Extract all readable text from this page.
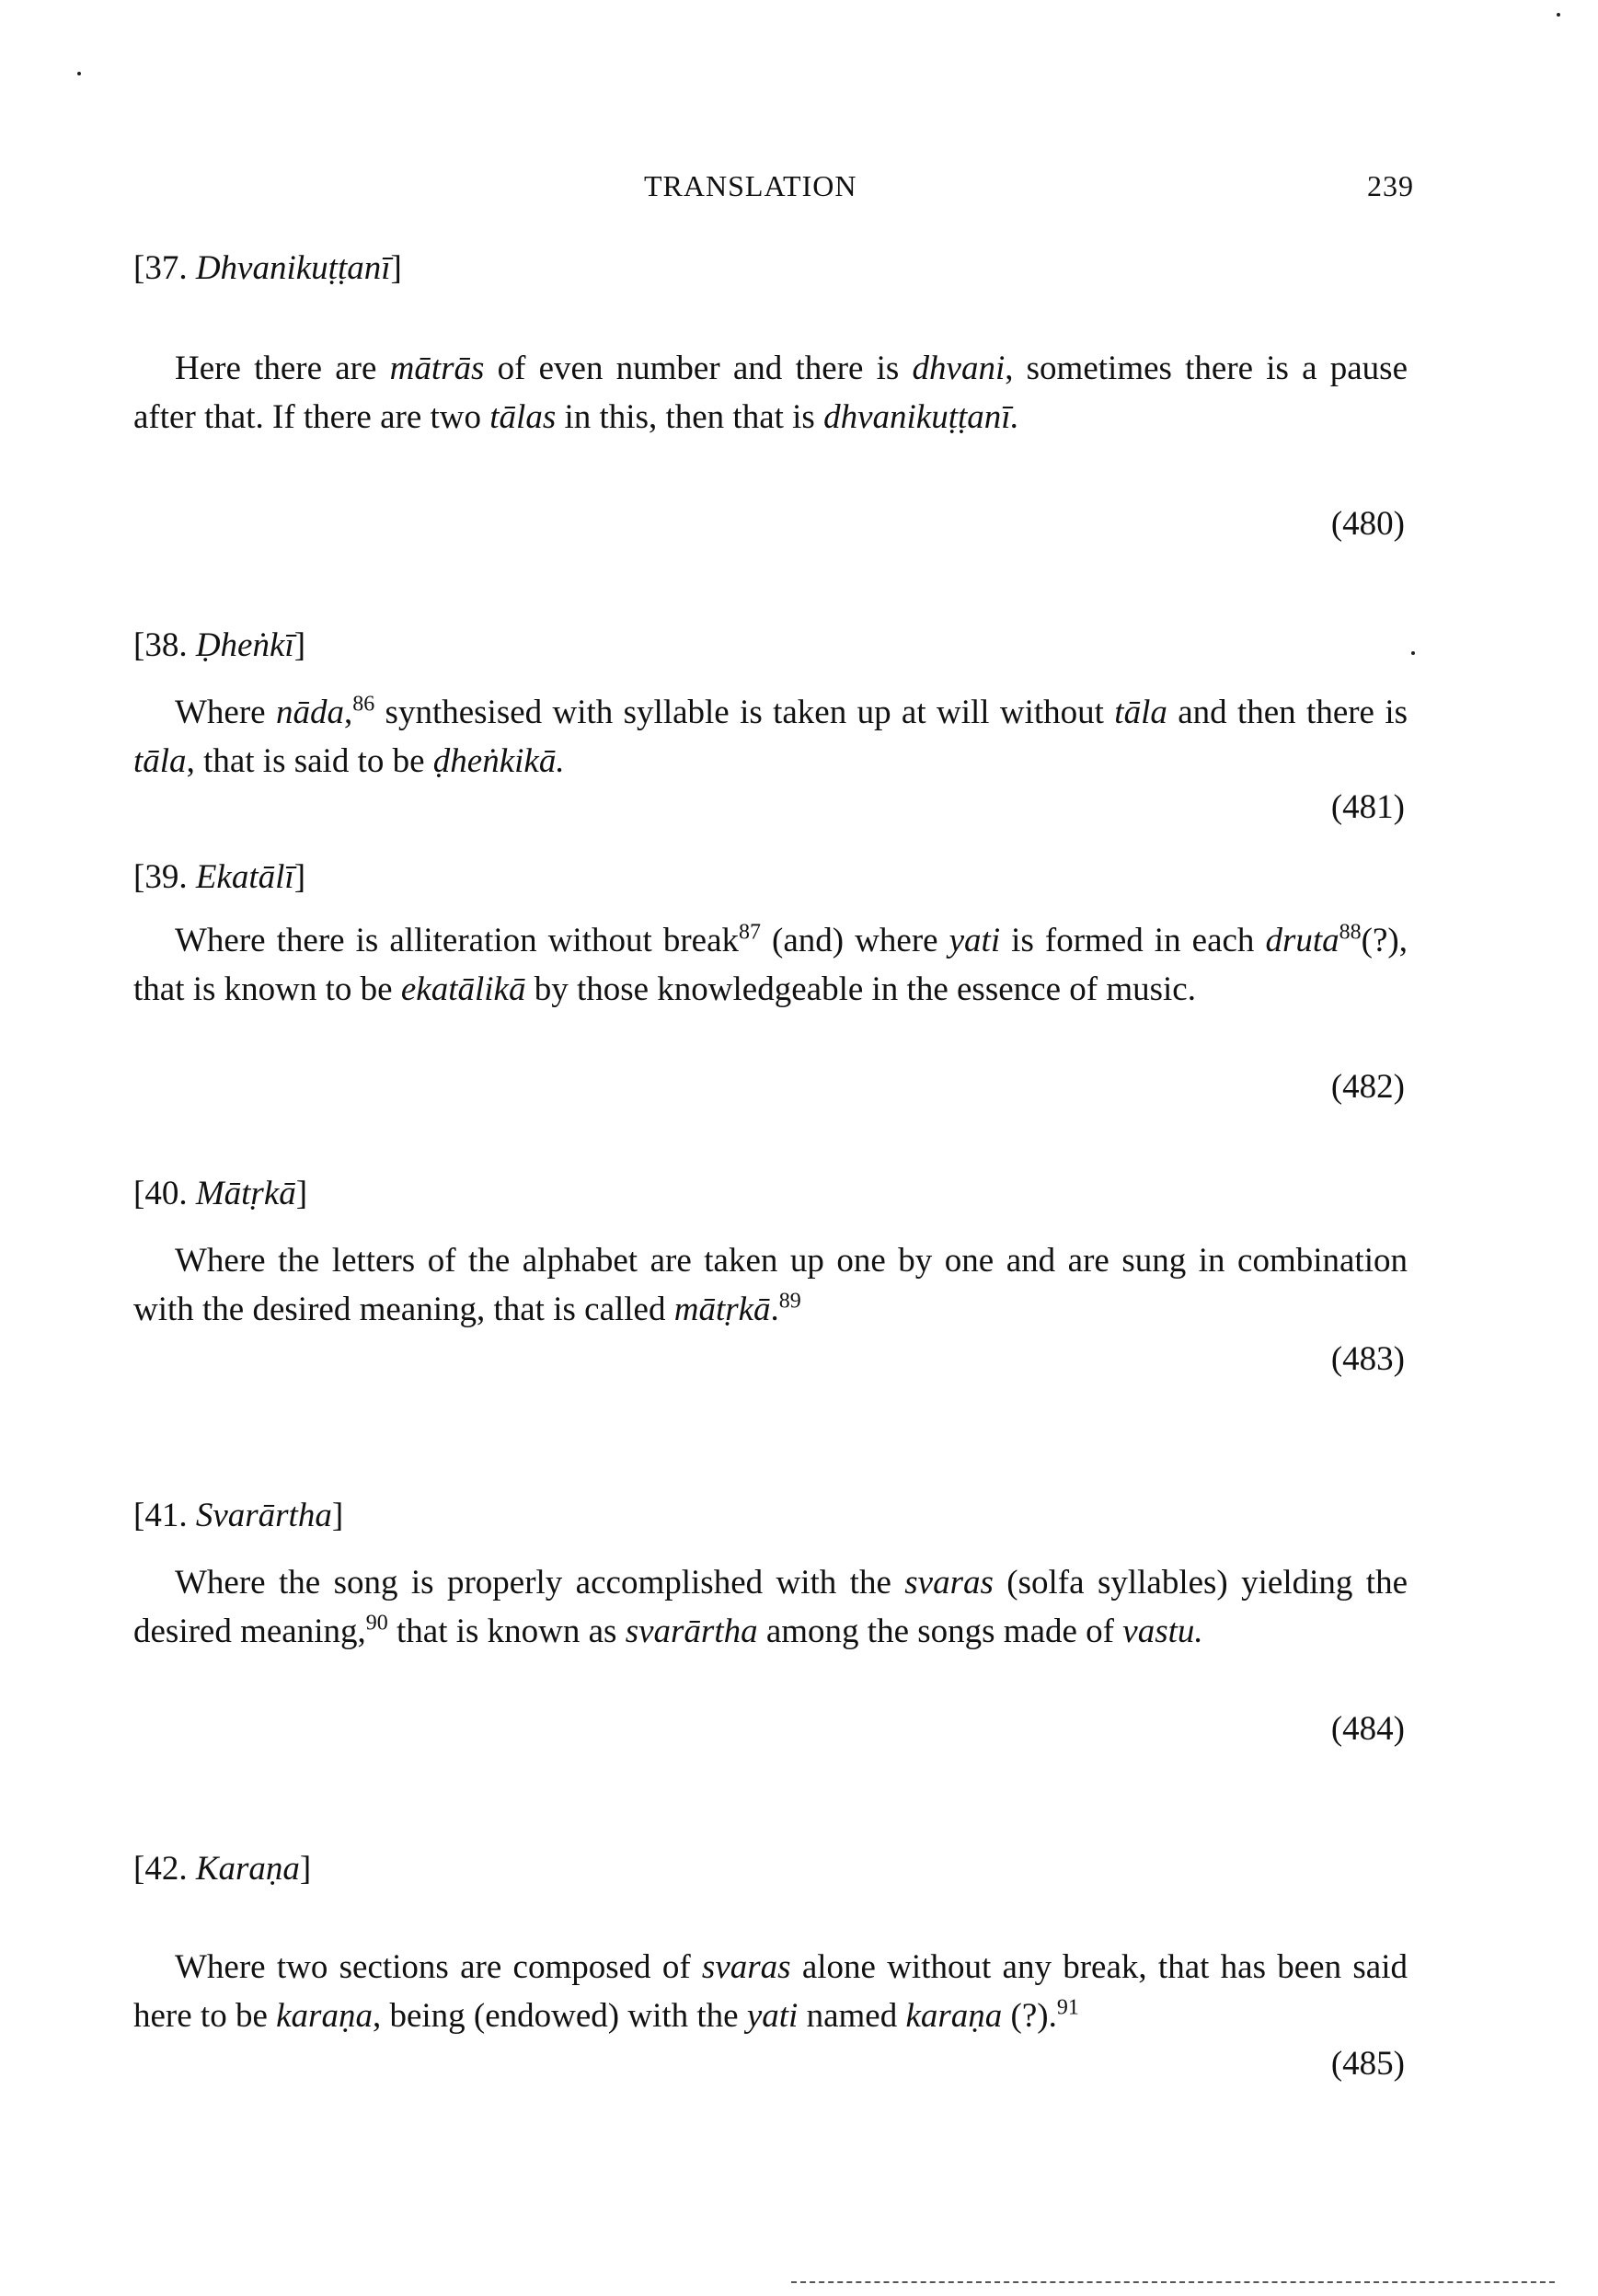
TRANSLATION	239
[37. Dhvanikuṭṭanī]
Here there are mātrās of even number and there is dhvani, sometimes there is a pause after that. If there are two tālas in this, then that is dhvanikuṭṭanī.
(480)
[38. Ḍheṅkī]
Where nāda,$^{86}$ synthesised with syllable is taken up at will without tāla and then there is tāla, that is said to be ḍheṅkikā.
(481)
[39. Ekatālī]
Where there is alliteration without break$^{87}$ (and) where yati is formed in each druta$^{88}$(?), that is known to be ekatālikā by those knowledgeable in the essence of music.
(482)
[40. Mātṛkā]
Where the letters of the alphabet are taken up one by one and are sung in combination with the desired meaning, that is called mātṛkā.$^{89}$
(483)
[41. Svarārtha]
Where the song is properly accomplished with the svaras (solfa syllables) yielding the desired meaning,$^{90}$ that is known as svarārtha among the songs made of vastu.
(484)
[42. Karaṇa]
Where two sections are composed of svaras alone without any break, that has been said here to be karaṇa, being (endowed) with the yati named karaṇa (?).$^{91}$
(485)
